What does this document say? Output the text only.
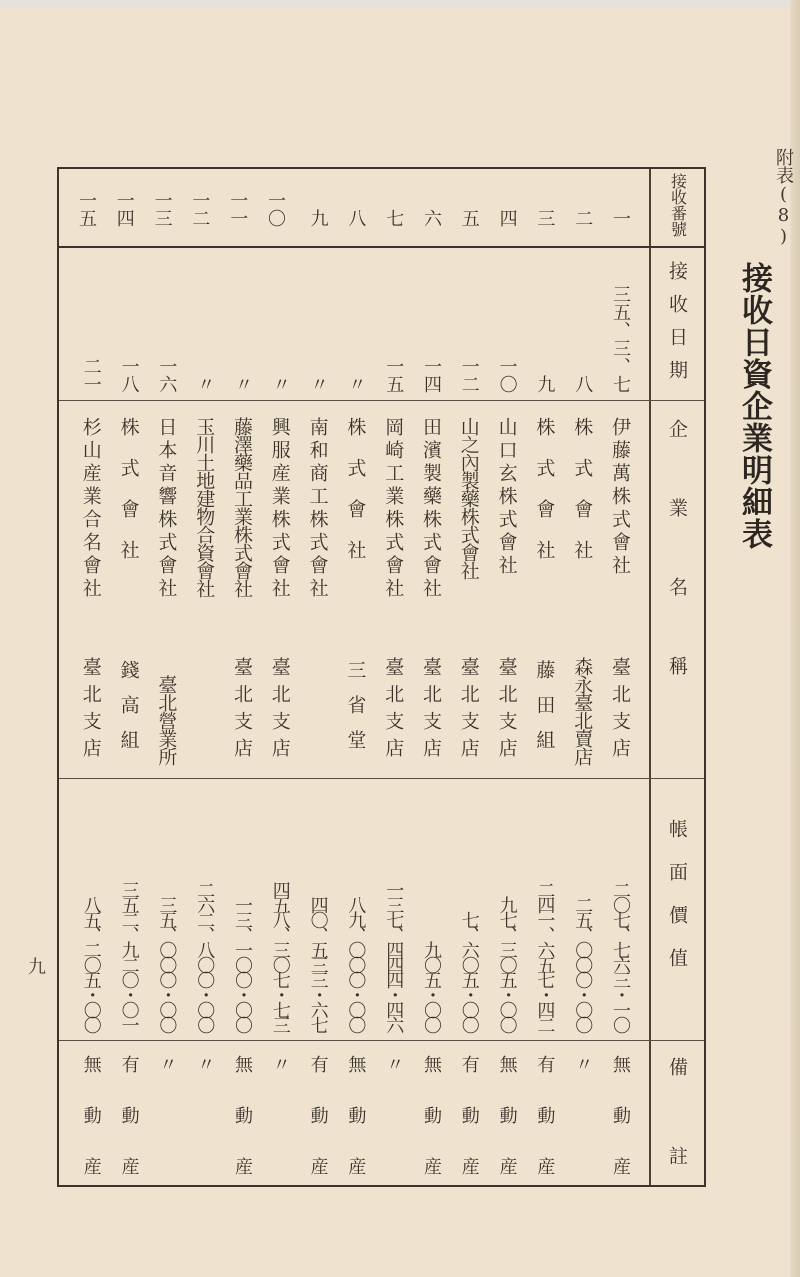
附表(8)
接收日資企業明細表
九
接收番號
接收日期
企業名稱
帳面價值
備註
一
三五、三、七
伊藤萬株式會社
臺北支店
二〇七、七六三・一〇
無動産
二
八
株式會社
森永臺北賣店
二五、〇〇〇・〇〇
〃
三
九
株式會社
藤田組
二四一、六五七・四二
有動産
四
一〇
山口玄株式會社
臺北支店
九七、三〇五・〇〇
無動産
五
一二
山之內製藥株式會社
臺北支店
七、六〇五・〇〇
有動産
六
一四
田濱製藥株式會社
臺北支店
九〇五・〇〇
無動産
七
一五
岡崎工業株式會社
臺北支店
一三七、四四四・四六
〃
八
〃
株式會社
三省堂
八九、〇〇〇・〇〇
無動産
九
〃
南和商工株式會社
四〇、五三三・六七
有動産
一〇
〃
興服産業株式會社
臺北支店
四五八、三〇七・七三
〃
一一
〃
藤澤藥品工業株式會社
臺北支店
一三、一〇〇・〇〇
無動産
一二
〃
玉川土地建物合資會社
二六二、八〇〇・〇〇
〃
一三
一六
日本音響株式會社
臺北營業所
三五、〇〇〇・〇〇
〃
一四
一八
株式會社
錢高組
三五二、九二〇・〇一
有動産
一五
二一
杉山産業合名會社
臺北支店
八五、二〇五・〇〇
無動産
